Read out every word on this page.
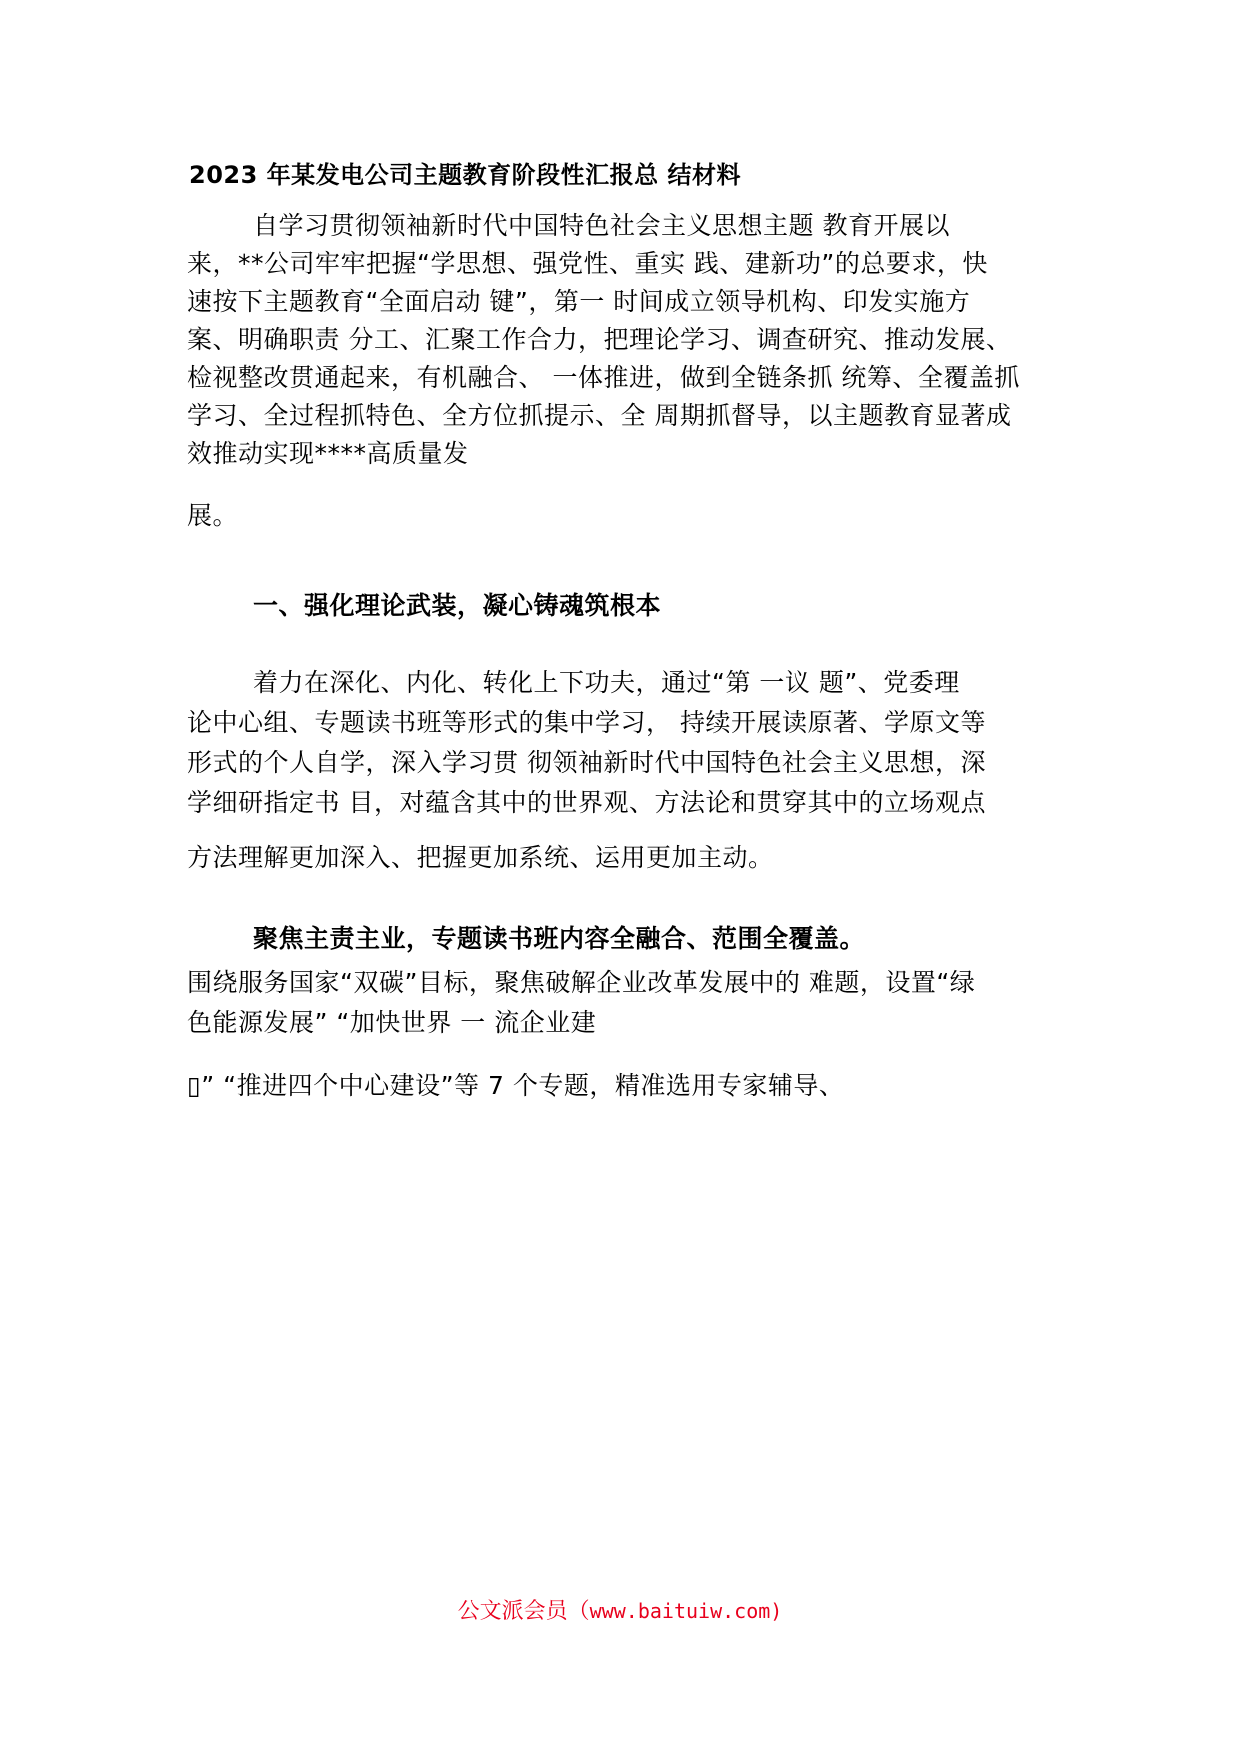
2023 年某发电公司主题教育阶段性汇报总 结材料
自学习贯彻领袖新时代中国特色社会主义思想主题 教育开展以
来，**公司牢牢把握“学思想、强党性、重实 践、建新功”的总要求，快
速按下主题教育“全面启动 键”，第一 时间成立领导机构、印发实施方
案、明确职责 分工、汇聚工作合力，把理论学习、调查研究、推动发展、
检视整改贯通起来，有机融合、 一体推进，做到全链条抓 统筹、全覆盖抓
学习、全过程抓特色、全方位抓提示、全 周期抓督导，以主题教育显著成
效推动实现****高质量发
展。
一、强化理论武装，凝心铸魂筑根本
着力在深化、内化、转化上下功夫，通过“第 一议 题”、党委理
论中心组、专题读书班等形式的集中学习， 持续开展读原著、学原文等
形式的个人自学，深入学习贯 彻领袖新时代中国特色社会主义思想，深
学细研指定书 目，对蕴含其中的世界观、方法论和贯穿其中的立场观点
方法理解更加深入、把握更加系统、运用更加主动。
聚焦主责主业，专题读书班内容全融合、范围全覆盖。
围绕服务国家“双碳”目标，聚焦破解企业改革发展中的 难题，设置“绿
色能源发展” “加快世界 一 流企业建
▯” “推进四个中心建设”等 7 个专题，精准选用专家辅导、
公文派会员（www.baituiw.com)
